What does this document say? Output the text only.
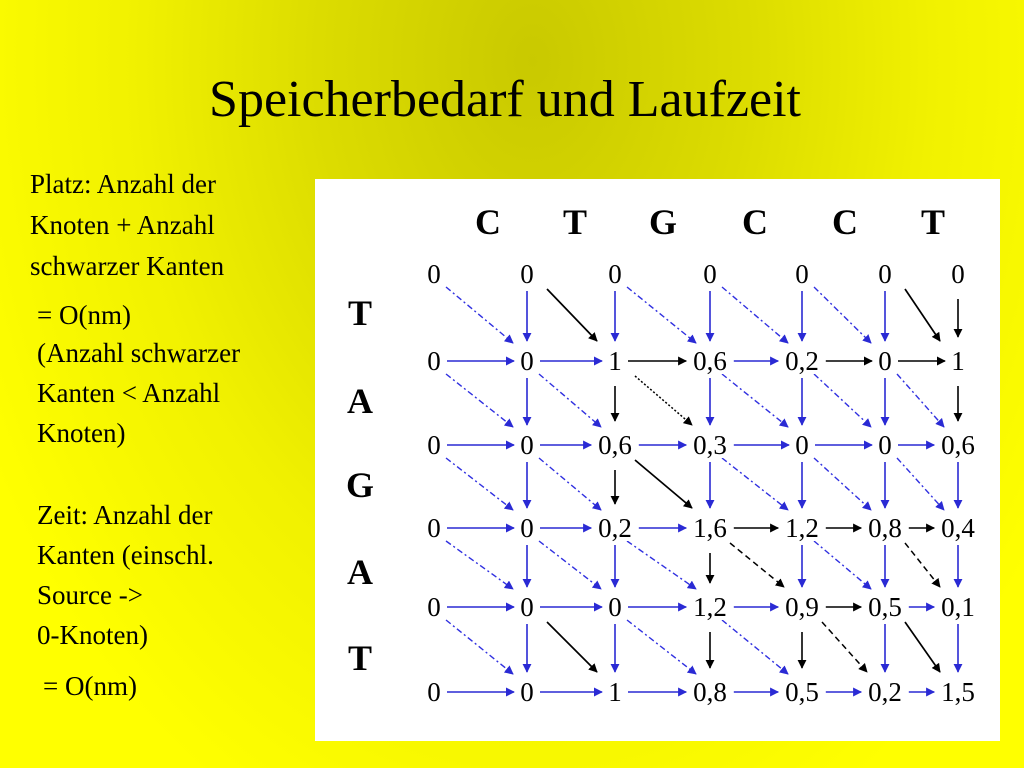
Speicherbedarf und Laufzeit
Platz: Anzahl der
Knoten + Anzahl
schwarzer Kanten
= O(nm)
(Anzahl schwarzer
Kanten < Anzahl
Knoten)
Zeit: Anzahl der
Kanten (einschl.
Source ->
0-Knoten)
= O(nm)
C T G C C T
T
A
G
A
T
0	0	0	0	0	0 0
0	0	1	0,6 0,2 0 1
0	0 0,6 0,3	0	0 0,6
0	0 0,2 1,6 1,2 0,8 0,4
0	0	0	1,2 0,9 0,5 0,1
0	0	1	0,8 0,5 0,2 1,5
